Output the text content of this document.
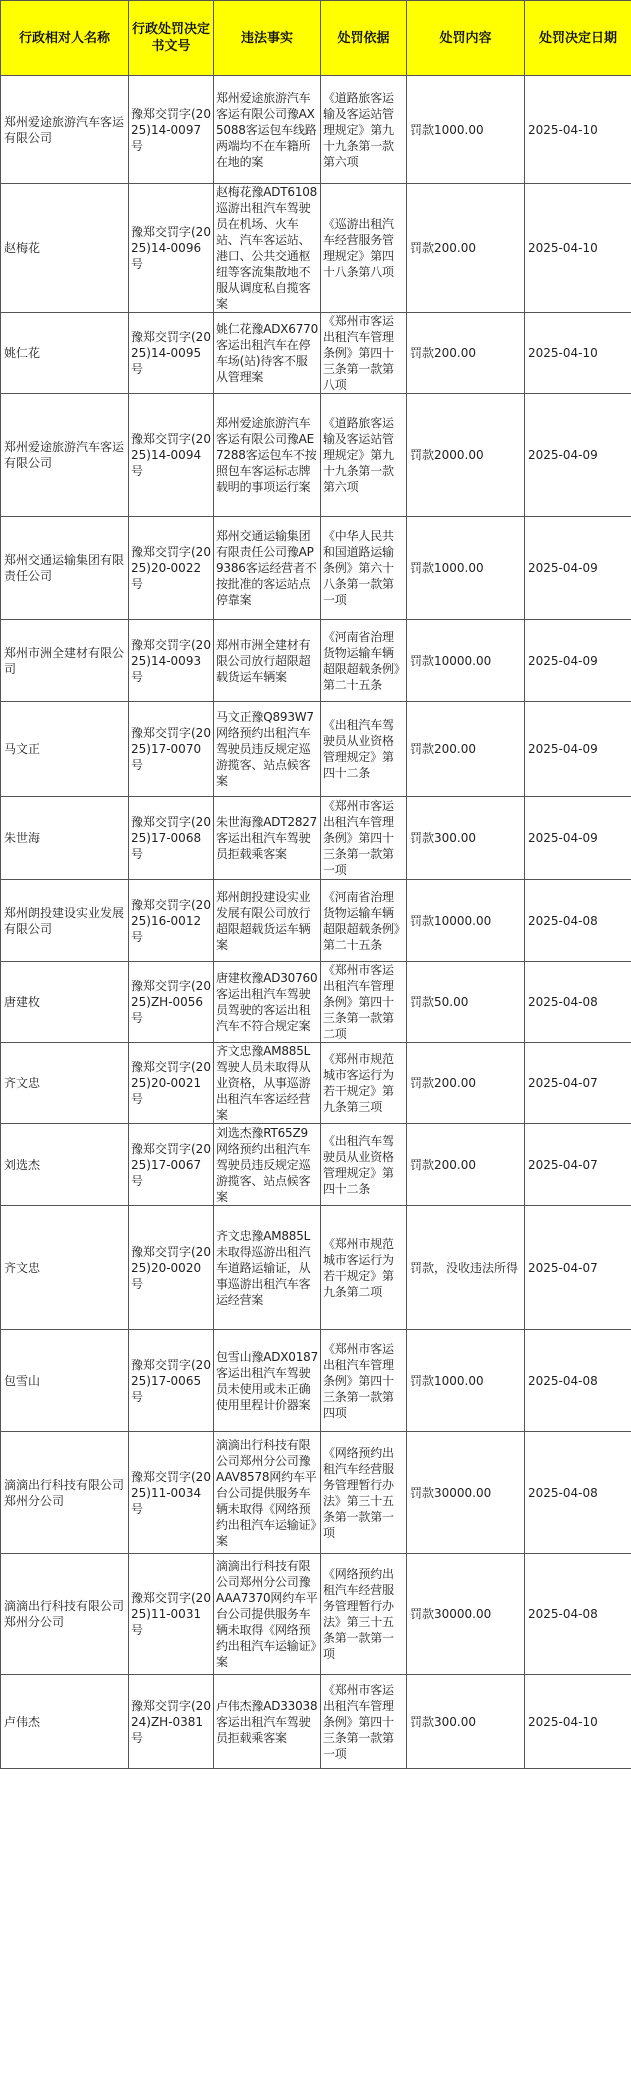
行政相对人名称	行政处罚决定书文号	违法事实	处罚依据	处罚内容	处罚决定日期
郑州爱途旅游汽车客运有限公司	豫郑交罚字(2025)14-0097号	郑州爱途旅游汽车客运有限公司豫AX5088客运包车线路两端均不在车籍所在地的案	《道路旅客运输及客运站管理规定》第九十九条第一款第六项	罚款1000.00	2025-04-10
赵梅花	豫郑交罚字(2025)14-0096号	赵梅花豫ADT6108巡游出租汽车驾驶员在机场、火车站、汽车客运站、港口、公共交通枢纽等客流集散地不服从调度私自揽客案	《巡游出租汽车经营服务管理规定》第四十八条第八项	罚款200.00	2025-04-10
姚仁花	豫郑交罚字(2025)14-0095号	姚仁花豫ADX6770客运出租汽车在停车场(站)待客不服从管理案	《郑州市客运出租汽车管理条例》第四十三条第一款第八项	罚款200.00	2025-04-10
郑州爱途旅游汽车客运有限公司	豫郑交罚字(2025)14-0094号	郑州爱途旅游汽车客运有限公司豫AE7288客运包车不按照包车客运标志牌载明的事项运行案	《道路旅客运输及客运站管理规定》第九十九条第一款第六项	罚款2000.00	2025-04-09
郑州交通运输集团有限责任公司	豫郑交罚字(2025)20-0022号	郑州交通运输集团有限责任公司豫AP9386客运经营者不按批准的客运站点停靠案	《中华人民共和国道路运输条例》第六十八条第一款第一项	罚款1000.00	2025-04-09
郑州市洲全建材有限公司	豫郑交罚字(2025)14-0093号	郑州市洲全建材有限公司放行超限超载货运车辆案	《河南省治理货物运输车辆超限超载条例》第二十五条	罚款10000.00	2025-04-09
马文正	豫郑交罚字(2025)17-0070号	马文正豫Q893W7网络预约出租汽车驾驶员违反规定巡游揽客、站点候客案	《出租汽车驾驶员从业资格管理规定》第四十二条	罚款200.00	2025-04-09
朱世海	豫郑交罚字(2025)17-0068号	朱世海豫ADT2827客运出租汽车驾驶员拒载乘客案	《郑州市客运出租汽车管理条例》第四十三条第一款第一项	罚款300.00	2025-04-09
郑州朗投建设实业发展有限公司	豫郑交罚字(2025)16-0012号	郑州朗投建设实业发展有限公司放行超限超载货运车辆案	《河南省治理货物运输车辆超限超载条例》第二十五条	罚款10000.00	2025-04-08
唐建枚	豫郑交罚字(2025)ZH-0056号	唐建枚豫AD30760客运出租汽车驾驶员驾驶的客运出租汽车不符合规定案	《郑州市客运出租汽车管理条例》第四十三条第一款第二项	罚款50.00	2025-04-08
齐文忠	豫郑交罚字(2025)20-0021号	齐文忠豫AM885L驾驶人员未取得从业资格，从事巡游出租汽车客运经营案	《郑州市规范城市客运行为若干规定》第九条第三项	罚款200.00	2025-04-07
刘选杰	豫郑交罚字(2025)17-0067号	刘选杰豫RT65Z9网络预约出租汽车驾驶员违反规定巡游揽客、站点候客案	《出租汽车驾驶员从业资格管理规定》第四十二条	罚款200.00	2025-04-07
齐文忠	豫郑交罚字(2025)20-0020号	齐文忠豫AM885L未取得巡游出租汽车道路运输证，从事巡游出租汽车客运经营案	《郑州市规范城市客运行为若干规定》第九条第二项	罚款，没收违法所得	2025-04-07
包雪山	豫郑交罚字(2025)17-0065号	包雪山豫ADX0187客运出租汽车驾驶员未使用或未正确使用里程计价器案	《郑州市客运出租汽车管理条例》第四十三条第一款第四项	罚款1000.00	2025-04-08
滴滴出行科技有限公司郑州分公司	豫郑交罚字(2025)11-0034号	滴滴出行科技有限公司郑州分公司豫AAV8578网约车平台公司提供服务车辆未取得《网络预约出租汽车运输证》案	《网络预约出租汽车经营服务管理暂行办法》第三十五条第一款第一项	罚款30000.00	2025-04-08
滴滴出行科技有限公司郑州分公司	豫郑交罚字(2025)11-0031号	滴滴出行科技有限公司郑州分公司豫AAA7370网约车平台公司提供服务车辆未取得《网络预约出租汽车运输证》案	《网络预约出租汽车经营服务管理暂行办法》第三十五条第一款第一项	罚款30000.00	2025-04-08
卢伟杰	豫郑交罚字(2024)ZH-0381号	卢伟杰豫AD33038客运出租汽车驾驶员拒载乘客案	《郑州市客运出租汽车管理条例》第四十三条第一款第一项	罚款300.00	2025-04-10
